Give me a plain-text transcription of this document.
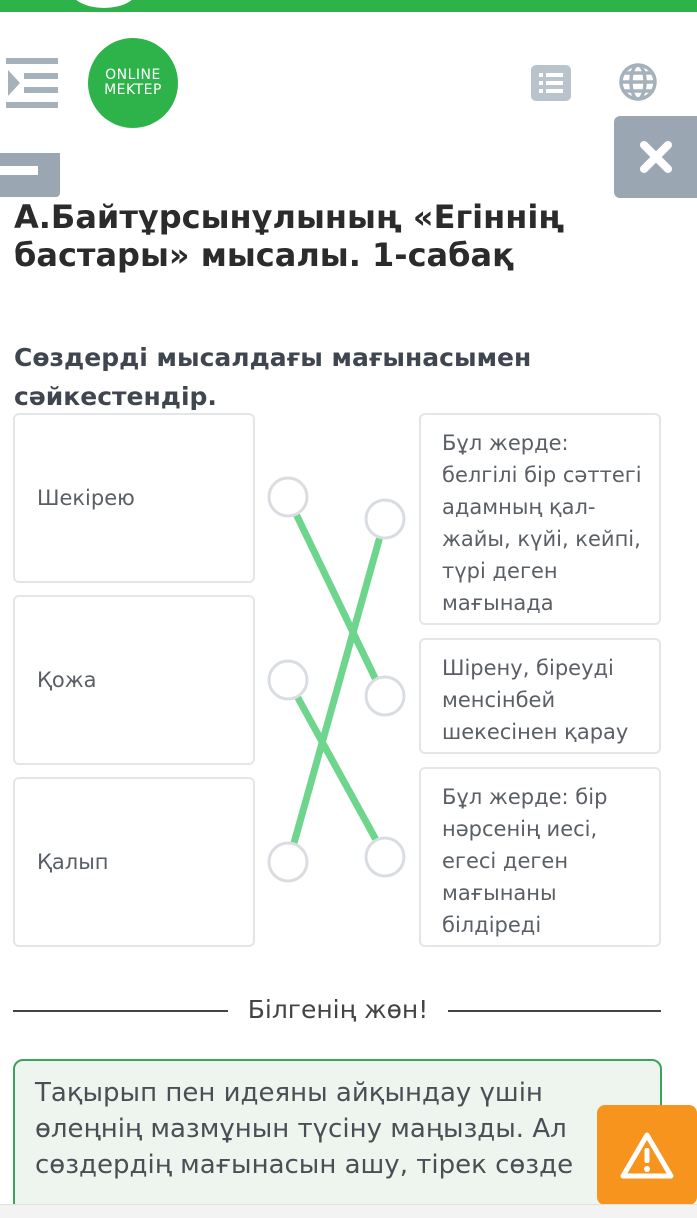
ONLINE
MEKTEP
А.Байтұрсынұлының «Егіннің
бастары» мысалы. 1-сабақ
Сөздерді мысалдағы мағынасымен
сәйкестендір.
Шекірею
Қожа
Қалып
Бұл жерде:
белгілі бір сәттегі
адамның қал-
жайы, күйі, кейпі,
түрі деген
мағынада
Шірену, біреуді
менсінбей
шекесінен қарау
Бұл жерде: бір
нәрсенің иесі,
егесі деген
мағынаны
білдіреді
Білгенің жөн!
Тақырып пен идеяны айқындау үшін
өлеңнің мазмұнын түсіну маңызды. Ал
сөздердің мағынасын ашу, тірек сөзде
